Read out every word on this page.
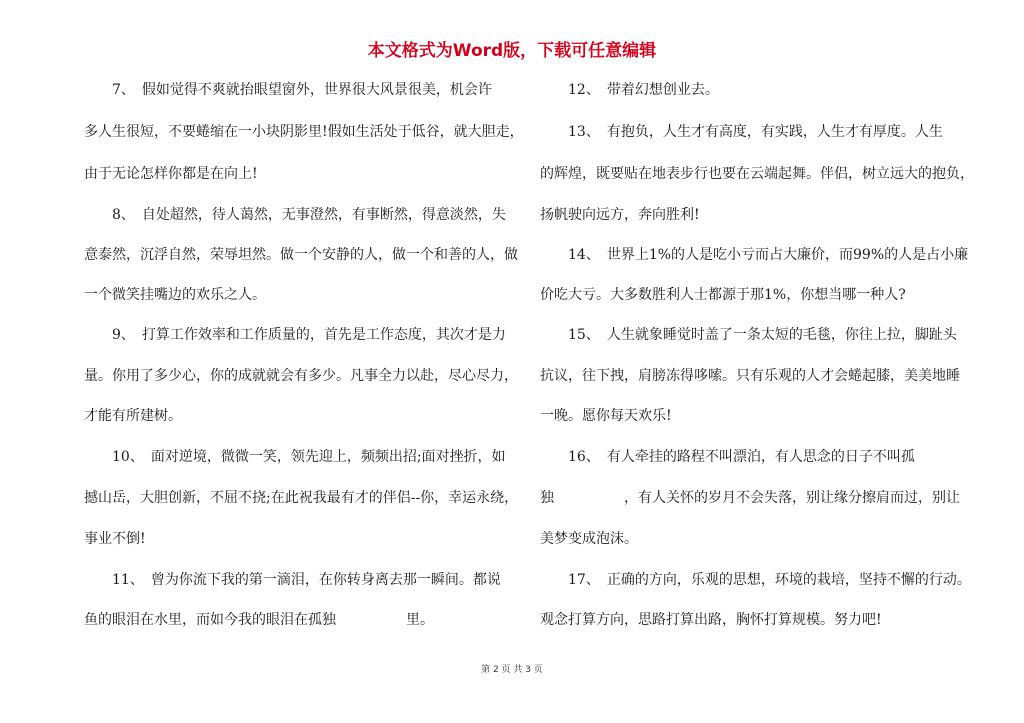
本文格式为Word版，下载可任意编辑
　　7、　假如觉得不爽就抬眼望窗外，世界很大风景很美，机会许
多人生很短，不要蜷缩在一小块阴影里!假如生活处于低谷，就大胆走，
由于无论怎样你都是在向上!
　　8、　自处超然，待人蔼然，无事澄然，有事断然，得意淡然，失
意泰然，沉浮自然，荣辱坦然。做一个安静的人，做一个和善的人，做
一个微笑挂嘴边的欢乐之人。
　　9、　打算工作效率和工作质量的，首先是工作态度，其次才是力
量。你用了多少心，你的成就就会有多少。凡事全力以赴，尽心尽力，
才能有所建树。
　　10、　面对逆境，微微一笑，领先迎上，频频出招;面对挫折，如
撼山岳，大胆创新，不屈不挠;在此祝我最有才的伴侣--你，幸运永绕，
事业不倒!
　　11、　曾为你流下我的第一滴泪，在你转身离去那一瞬间。都说
鱼的眼泪在水里，而如今我的眼泪在孤独　　　　　里。
　　12、　带着幻想创业去。
　　13、　有抱负，人生才有高度，有实践，人生才有厚度。人生
的辉煌，既要贴在地表步行也要在云端起舞。伴侣，树立远大的抱负，
扬帆驶向远方，奔向胜利!
　　14、　世界上1%的人是吃小亏而占大廉价，而99%的人是占小廉
价吃大亏。大多数胜利人士都源于那1%，你想当哪一种人?
　　15、　人生就象睡觉时盖了一条太短的毛毯，你往上拉，脚趾头
抗议，往下拽，肩膀冻得哆嗦。只有乐观的人才会蜷起膝，美美地睡
一晚。愿你每天欢乐!
　　16、　有人牵挂的路程不叫漂泊，有人思念的日子不叫孤
独　　　　　，有人关怀的岁月不会失落，别让缘分擦肩而过，别让
美梦变成泡沫。
　　17、　正确的方向，乐观的思想，环境的栽培，坚持不懈的行动。
观念打算方向，思路打算出路，胸怀打算规模。努力吧!
第 2 页 共 3 页
